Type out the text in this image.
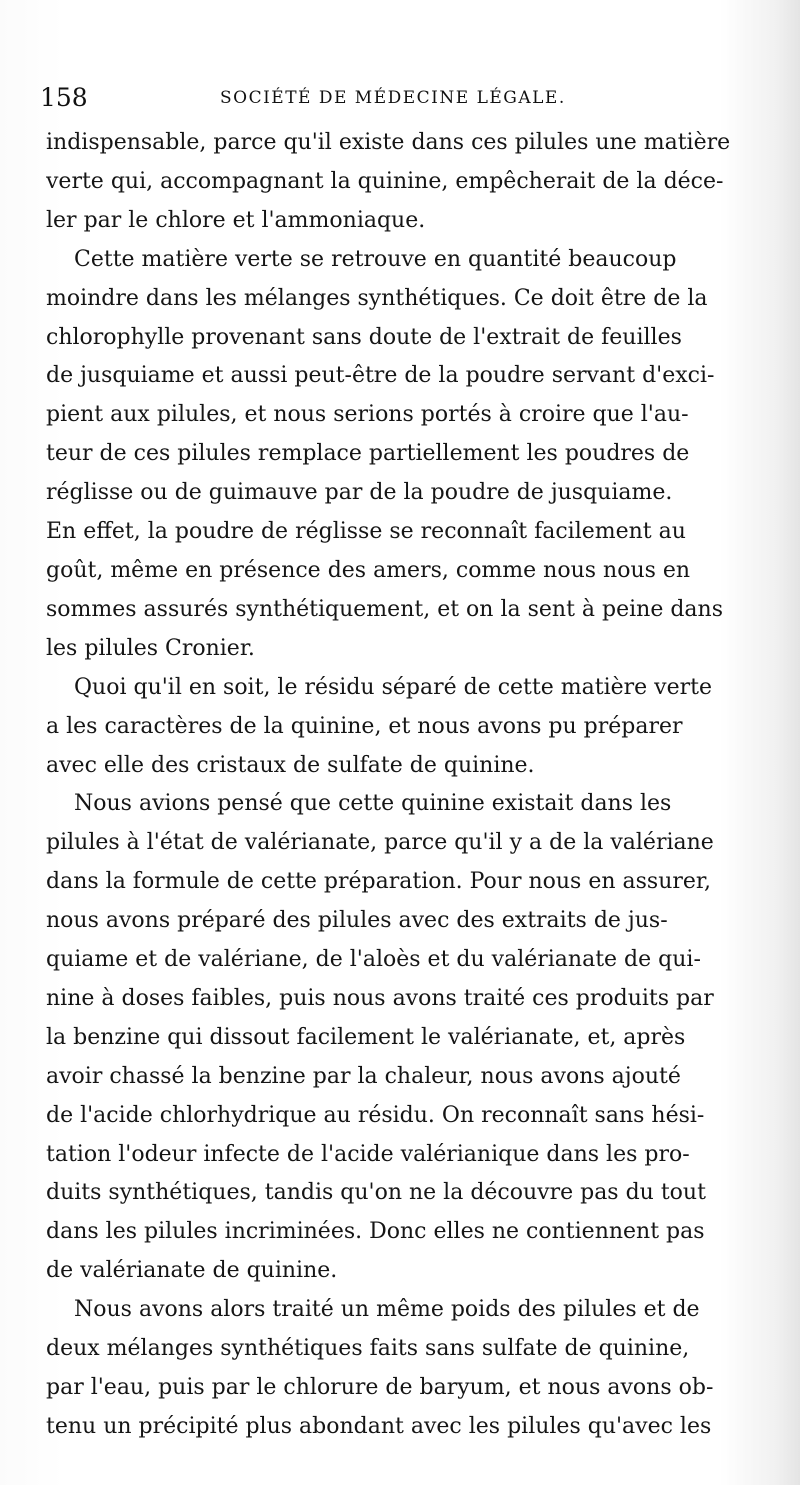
158	SOCIÉTÉ DE MÉDECINE LÉGALE.

indispensable, parce qu'il existe dans ces pilules une matière
verte qui, accompagnant la quinine, empêcherait de la déce-
ler par le chlore et l'ammoniaque.

Cette matière verte se retrouve en quantité beaucoup
moindre dans les mélanges synthétiques. Ce doit être de la
chlorophylle provenant sans doute de l'extrait de feuilles
de jusquiame et aussi peut-être de la poudre servant d'exci-
pient aux pilules, et nous serions portés à croire que l'au-
teur de ces pilules remplace partiellement les poudres de
réglisse ou de guimauve par de la poudre de jusquiame.
En effet, la poudre de réglisse se reconnaît facilement au
goût, même en présence des amers, comme nous nous en
sommes assurés synthétiquement, et on la sent à peine dans
les pilules Cronier.

Quoi qu'il en soit, le résidu séparé de cette matière verte
a les caractères de la quinine, et nous avons pu préparer
avec elle des cristaux de sulfate de quinine.

Nous avions pensé que cette quinine existait dans les
pilules à l'état de valérianate, parce qu'il y a de la valériane
dans la formule de cette préparation. Pour nous en assurer,
nous avons préparé des pilules avec des extraits de jus-
quiame et de valériane, de l'aloès et du valérianate de qui-
nine à doses faibles, puis nous avons traité ces produits par
la benzine qui dissout facilement le valérianate, et, après
avoir chassé la benzine par la chaleur, nous avons ajouté
de l'acide chlorhydrique au résidu. On reconnaît sans hési-
tation l'odeur infecte de l'acide valérianique dans les pro-
duits synthétiques, tandis qu'on ne la découvre pas du tout
dans les pilules incriminées. Donc elles ne contiennent pas
de valérianate de quinine.

Nous avons alors traité un même poids des pilules et de
deux mélanges synthétiques faits sans sulfate de quinine,
par l'eau, puis par le chlorure de baryum, et nous avons ob-
tenu un précipité plus abondant avec les pilules qu'avec les
